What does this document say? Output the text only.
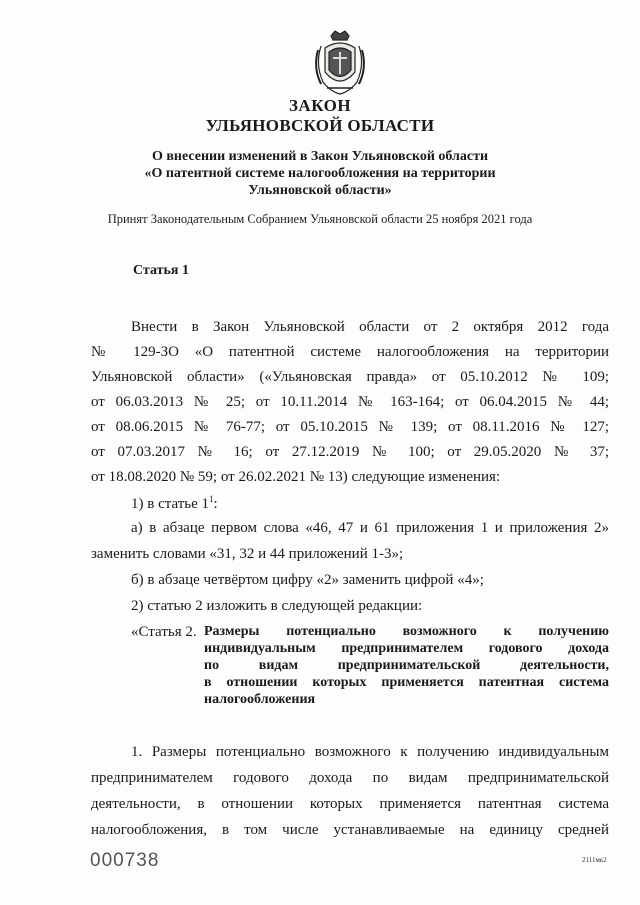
ЗАКОН
УЛЬЯНОВСКОЙ ОБЛАСТИ
О внесении изменений в Закон Ульяновской области
«О патентной системе налогообложения на территории
Ульяновской области»
Принят Законодательным Собранием Ульяновской области 25 ноября 2021 года
Статья 1
Внести в Закон Ульяновской области от 2 октября 2012 года
№ 129-ЗО «О патентной системе налогообложения на территории
Ульяновской области» («Ульяновская правда» от 05.10.2012 № 109;
от 06.03.2013 № 25; от 10.11.2014 № 163-164; от 06.04.2015 № 44;
от 08.06.2015 № 76-77; от 05.10.2015 № 139; от 08.11.2016 № 127;
от 07.03.2017 № 16; от 27.12.2019 № 100; от 29.05.2020 № 37;
от 18.08.2020 № 59; от 26.02.2021 № 13) следующие изменения:
1) в статье $1^1$:
а) в абзаце первом слова «46, 47 и 61 приложения 1 и приложения 2»
заменить словами «31, 32 и 44 приложений 1-3»;
б) в абзаце четвёртом цифру «2» заменить цифрой «4»;
2) статью 2 изложить в следующей редакции:
«Статья 2. Размеры потенциально возможного к получению
индивидуальным предпринимателем годового дохода
по видам предпринимательской деятельности,
в отношении которых применяется патентная система
налогообложения
1. Размеры потенциально возможного к получению индивидуальным
предпринимателем годового дохода по видам предпринимательской
деятельности, в отношении которых применяется патентная система
налогообложения, в том числе устанавливаемые на единицу средней
000738	2111мк2
